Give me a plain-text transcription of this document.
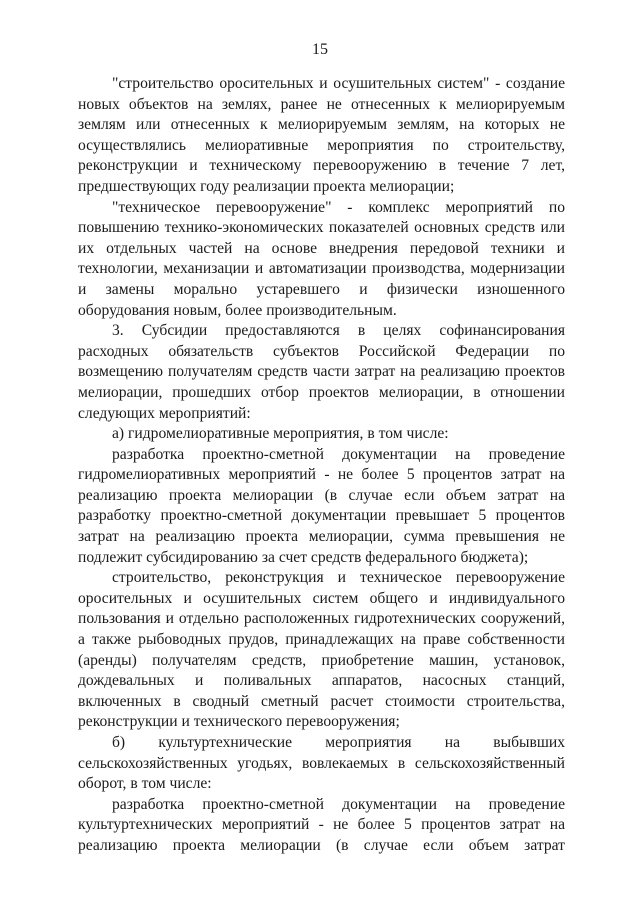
15

"строительство оросительных и осушительных систем" - создание новых объектов на землях, ранее не отнесенных к мелиорируемым землям или отнесенных к мелиорируемым землям, на которых не осуществлялись мелиоративные мероприятия по строительству, реконструкции и техническому перевооружению в течение 7 лет, предшествующих году реализации проекта мелиорации;

"техническое перевооружение" - комплекс мероприятий по повышению технико-экономических показателей основных средств или их отдельных частей на основе внедрения передовой техники и технологии, механизации и автоматизации производства, модернизации и замены морально устаревшего и физически изношенного оборудования новым, более производительным.

3. Субсидии предоставляются в целях софинансирования расходных обязательств субъектов Российской Федерации по возмещению получателям средств части затрат на реализацию проектов мелиорации, прошедших отбор проектов мелиорации, в отношении следующих мероприятий:

а) гидромелиоративные мероприятия, в том числе:

разработка проектно-сметной документации на проведение гидромелиоративных мероприятий - не более 5 процентов затрат на реализацию проекта мелиорации (в случае если объем затрат на разработку проектно-сметной документации превышает 5 процентов затрат на реализацию проекта мелиорации, сумма превышения не подлежит субсидированию за счет средств федерального бюджета);

строительство, реконструкция и техническое перевооружение оросительных и осушительных систем общего и индивидуального пользования и отдельно расположенных гидротехнических сооружений, а также рыбоводных прудов, принадлежащих на праве собственности (аренды) получателям средств, приобретение машин, установок, дождевальных и поливальных аппаратов, насосных станций, включенных в сводный сметный расчет стоимости строительства, реконструкции и технического перевооружения;

б) культуртехнические мероприятия на выбывших сельскохозяйственных угодьях, вовлекаемых в сельскохозяйственный оборот, в том числе:

разработка проектно-сметной документации на проведение культуртехнических мероприятий - не более 5 процентов затрат на реализацию проекта мелиорации (в случае если объем затрат
